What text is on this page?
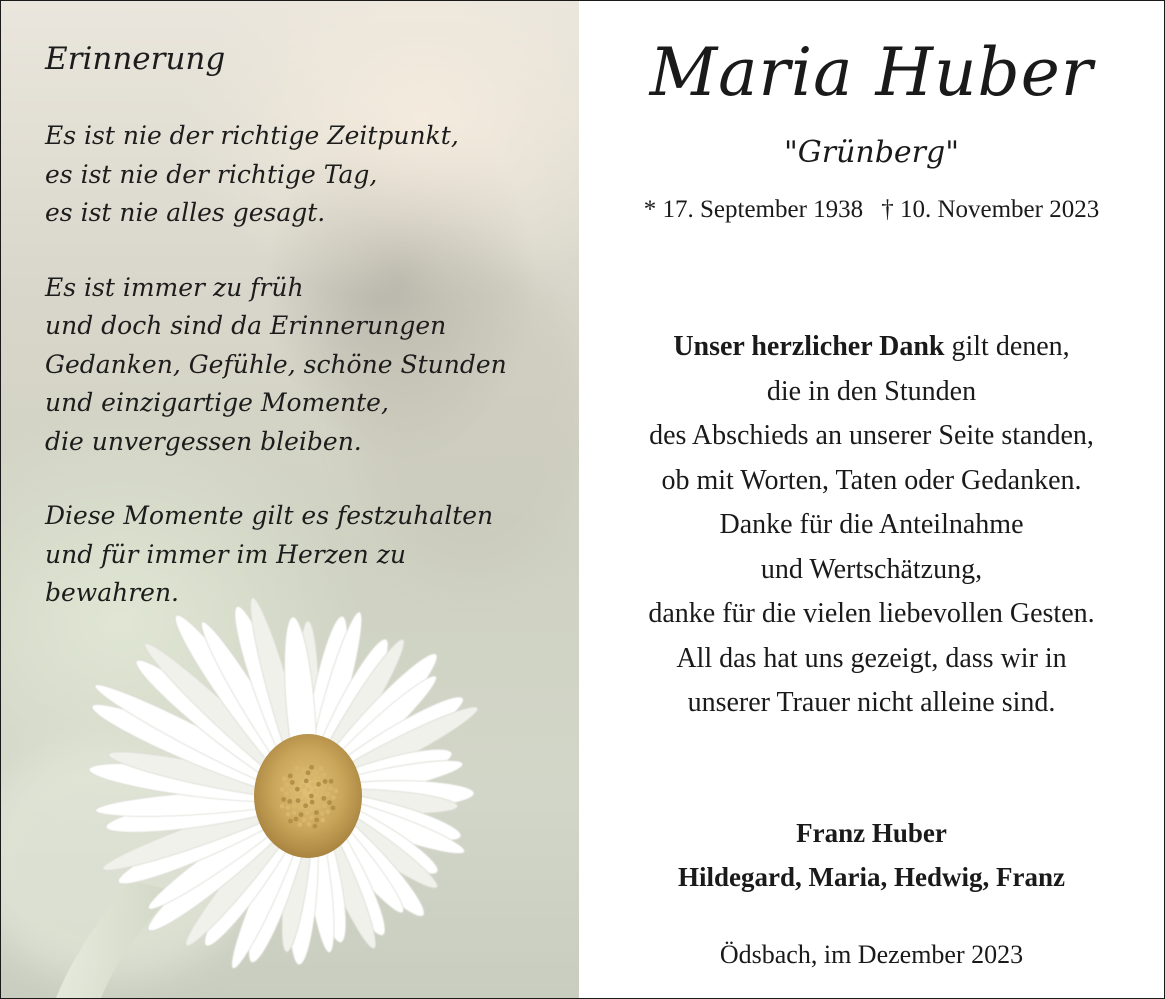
Erinnerung
Es ist nie der richtige Zeitpunkt,
es ist nie der richtige Tag,
es ist nie alles gesagt.
Es ist immer zu früh
und doch sind da Erinnerungen
Gedanken, Gefühle, schöne Stunden
und einzigartige Momente,
die unvergessen bleiben.
Diese Momente gilt es festzuhalten
und für immer im Herzen zu
bewahren.
Maria Huber
"Grünberg"
* 17. September 1938 † 10. November 2023
Unser herzlicher Dank gilt denen,
die in den Stunden
des Abschieds an unserer Seite standen,
ob mit Worten, Taten oder Gedanken.
Danke für die Anteilnahme
und Wertschätzung,
danke für die vielen liebevollen Gesten.
All das hat uns gezeigt, dass wir in
unserer Trauer nicht alleine sind.
Franz Huber
Hildegard, Maria, Hedwig, Franz
Ödsbach, im Dezember 2023
